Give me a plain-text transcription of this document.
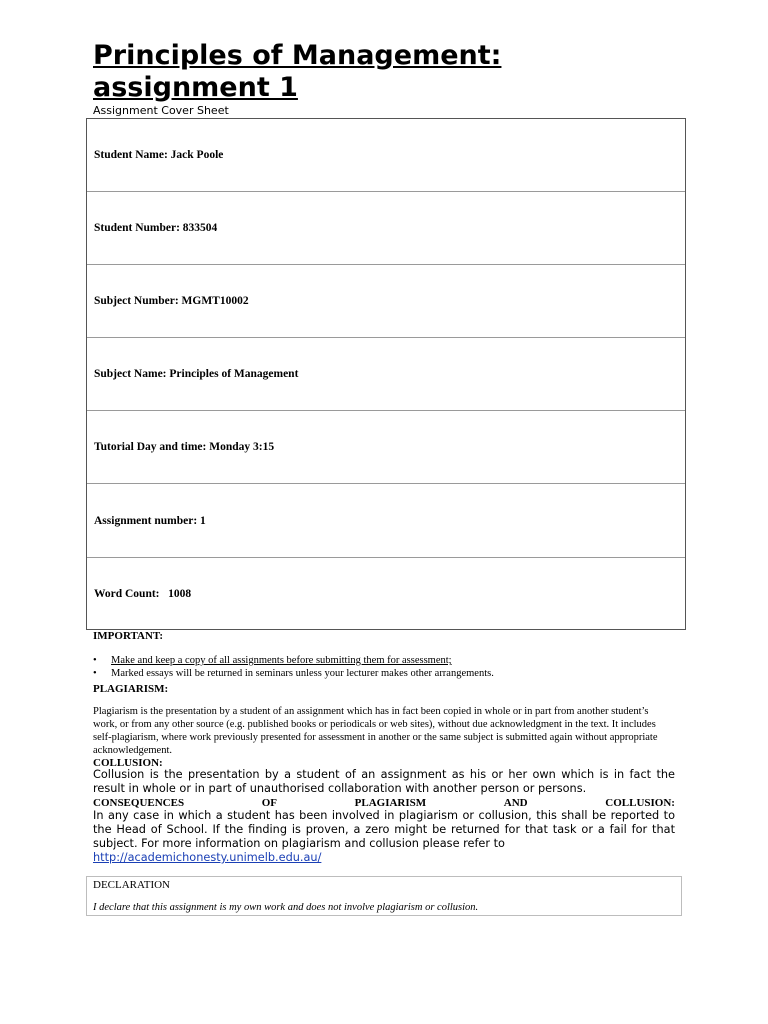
Principles of Management: assignment 1
Assignment Cover Sheet
Student Name: Jack Poole
Student Number: 833504
Subject Number: MGMT10002
Subject Name: Principles of Management
Tutorial Day and time: Monday 3:15
Assignment number: 1
Word Count:   1008
IMPORTANT:
• Make and keep a copy of all assignments before submitting them for assessment;
• Marked essays will be returned in seminars unless your lecturer makes other arrangements.
PLAGIARISM:

Plagiarism is the presentation by a student of an assignment which has in fact been copied in whole or in part from another student’s work, or from any other source (e.g. published books or periodicals or web sites), without due acknowledgment in the text. It includes self-plagiarism, where work previously presented for assessment in another or the same subject is submitted again without appropriate acknowledgement.

COLLUSION:

Collusion is the presentation by a student of an assignment as his or her own which is in fact the result in whole or in part of unauthorised collaboration with another person or persons.

CONSEQUENCES	OF	PLAGIARISM	AND	COLLUSION:

In any case in which a student has been involved in plagiarism or collusion, this shall be reported to the Head of School. If the finding is proven, a zero might be returned for that task or a fail for that subject. For more information on plagiarism and collusion please refer to

http://academichonesty.unimelb.edu.au/
DECLARATION
I declare that this assignment is my own work and does not involve plagiarism or collusion.
